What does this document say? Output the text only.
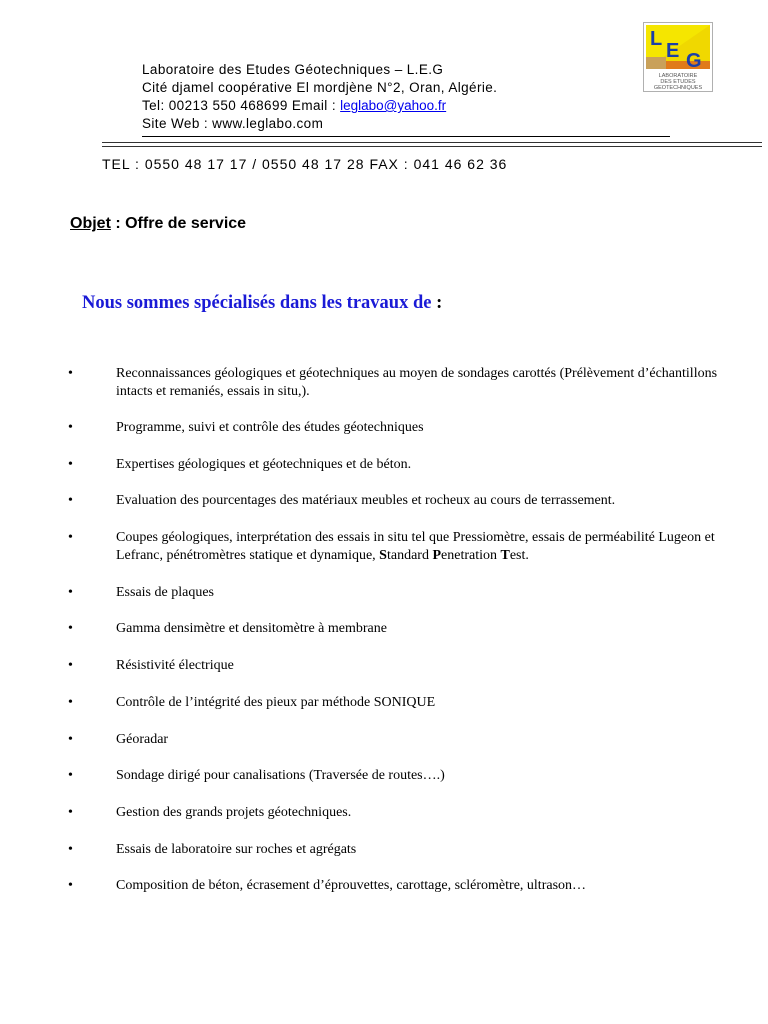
Laboratoire des Etudes Géotechniques – L.E.G
Cité djamel coopérative El mordjène N°2, Oran, Algérie.
Tel: 00213 550 468699 Email : leglabo@yahoo.fr
Site Web : www.leglabo.com
L
E G
LABORATOIRE
DES ETUDES
GEOTECHNIQUES
TEL : 0550 48 17 17 / 0550 48 17 28 FAX : 041 46 62 36
Objet : Offre de service
Nous sommes spécialisés dans les travaux de :
•	Reconnaissances géologiques et géotechniques au moyen de sondages carottés (Prélèvement d’échantillons intacts et remaniés, essais in situ,).
•	Programme, suivi et contrôle des études géotechniques
•	Expertises géologiques et géotechniques et de béton.
•	Evaluation des pourcentages des matériaux meubles et rocheux au cours de terrassement.
•	Coupes géologiques, interprétation des essais in situ tel que Pressiomètre, essais de perméabilité Lugeon et Lefranc, pénétromètres statique et dynamique, Standard Penetration Test.
•	Essais de plaques
•	Gamma densimètre et densitomètre à membrane
•	Résistivité électrique
•	Contrôle de l’intégrité des pieux par méthode SONIQUE
•	Géoradar
•	Sondage dirigé pour canalisations (Traversée de routes….)
•	Gestion des grands projets géotechniques.
•	Essais de laboratoire sur roches et agrégats
•	Composition de béton, écrasement d’éprouvettes, carottage, scléromètre, ultrason…
